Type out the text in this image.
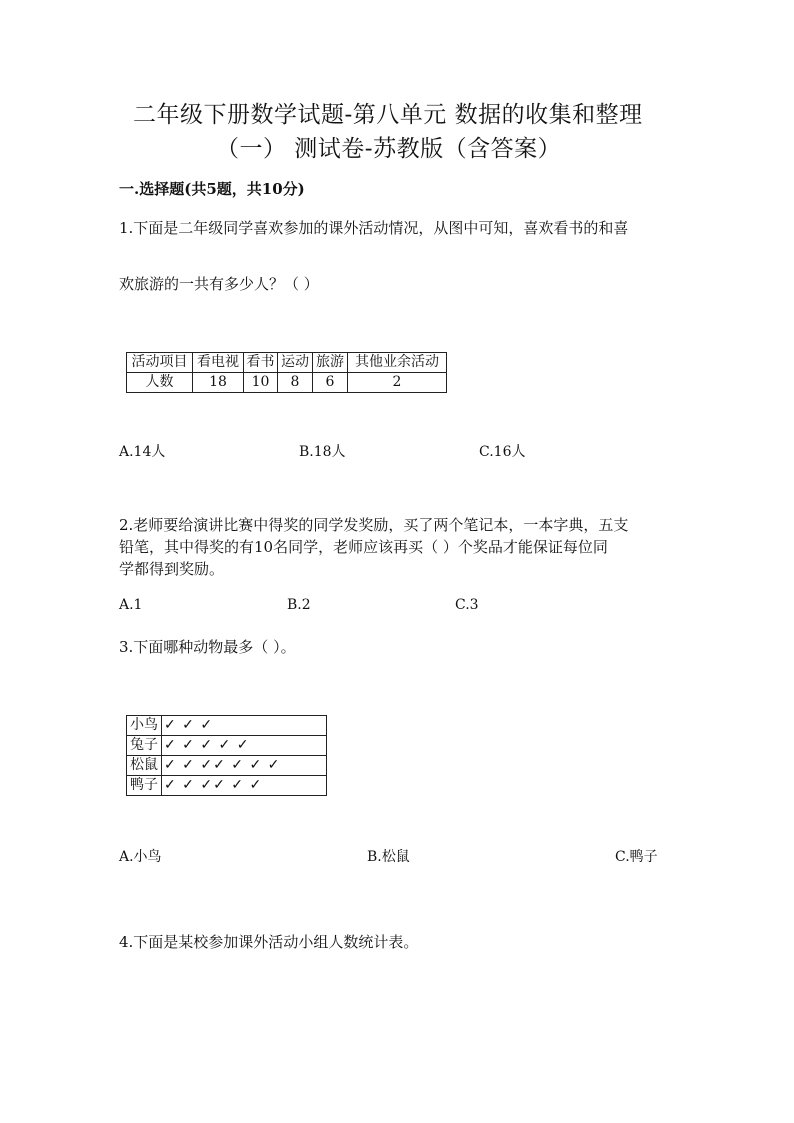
二年级下册数学试题-第八单元 数据的收集和整理
（一） 测试卷-苏教版（含答案）
一.选择题(共5题，共10分)
1.下面是二年级同学喜欢参加的课外活动情况，从图中可知，喜欢看书的和喜
欢旅游的一共有多少人？（ ）
活动项目	看电视	看书	运动	旅游	其他业余活动
人数	18	10	8	6	2
A.14人	B.18人	C.16人
2.老师要给演讲比赛中得奖的同学发奖励，买了两个笔记本，一本字典，五支
铅笔，其中得奖的有10名同学，老师应该再买（ ）个奖品才能保证每位同
学都得到奖励。
A.1	B.2	C.3
3.下面哪种动物最多（ ）。
小鸟	✓ ✓ ✓
兔子	✓ ✓ ✓ ✓ ✓
松鼠	✓ ✓ ✓✓ ✓ ✓ ✓
鸭子	✓ ✓ ✓✓ ✓ ✓
A.小鸟	B.松鼠	C.鸭子
4.下面是某校参加课外活动小组人数统计表。
